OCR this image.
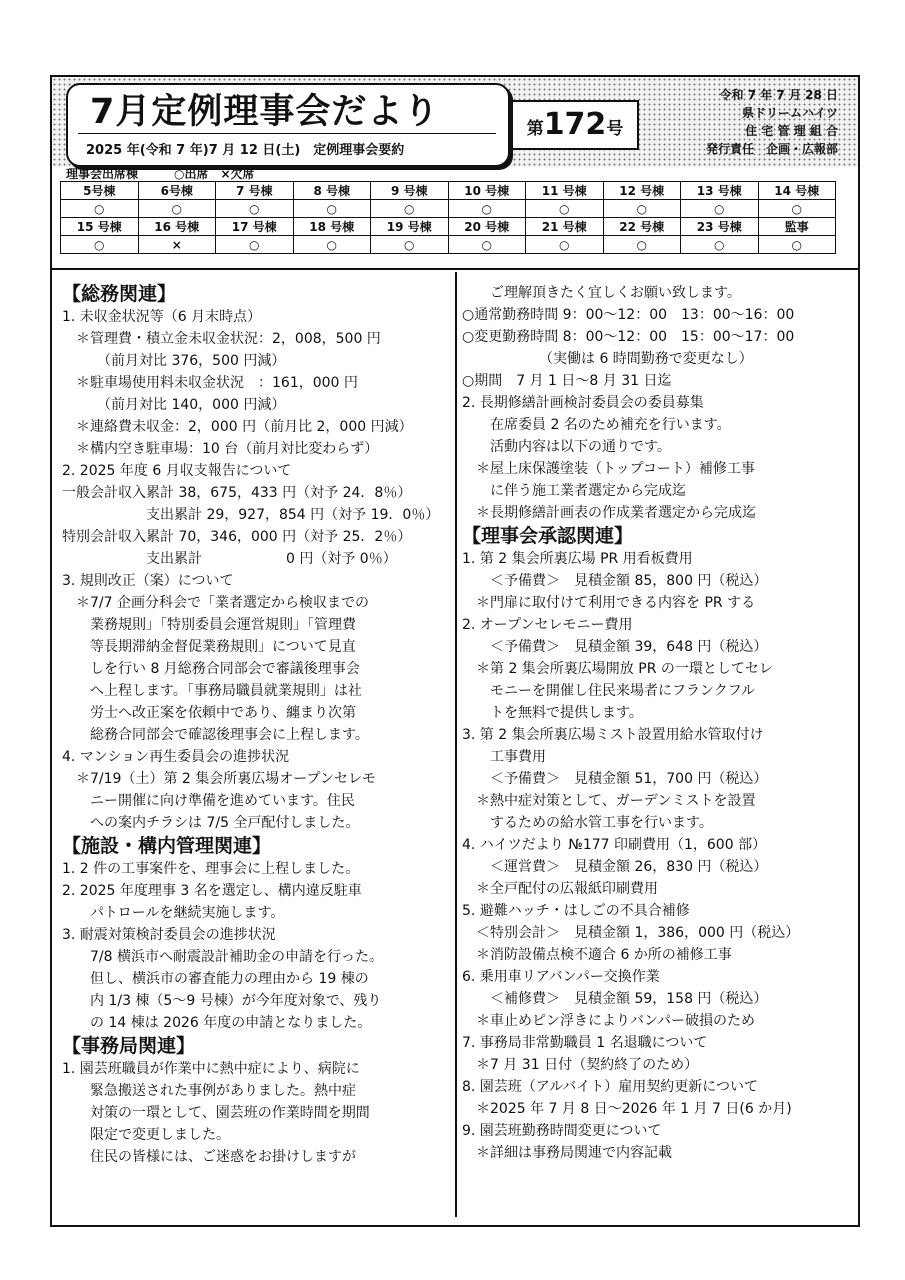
7月定例理事会だより
2025 年(令和 7 年)7 月 12 日(土)　定例理事会要約
第172号
令和 7 年 7 月 28 日
県ドリームハイツ
住 宅 管 理 組 合
発行責任　企画・広報部
理事会出席棟　　　○出席　×欠席
5号棟	6号棟	7 号棟	8 号棟	9 号棟	10 号棟	11 号棟	12 号棟	13 号棟	14 号棟
○	○	○	○	○	○	○	○	○	○
15 号棟	16 号棟	17 号棟	18 号棟	19 号棟	20 号棟	21 号棟	22 号棟	23 号棟	監事
○	×	○	○	○	○	○	○	○	○
【総務関連】
1. 未収金状況等（6 月末時点）
　＊管理費・積立金未収金状況：2，008，500 円
　　　（前月対比 376，500 円減）
　＊駐車場使用料未収金状況　：161，000 円
　　　（前月対比 140，000 円減）
　＊連絡費未収金：2，000 円（前月比 2，000 円減）
　＊構内空き駐車場：10 台（前月対比変わらず）
2. 2025 年度 6 月収支報告について
一般会計収入累計 38，675，433 円（対予 24．8％）
　　　　　　支出累計 29，927，854 円（対予 19．0％）
特別会計収入累計 70，346，000 円（対予 25．2％）
　　　　　　支出累計　　　　　　0 円（対予 0％）
3. 規則改正（案）について
　＊7/7 企画分科会で「業者選定から検収までの
　　業務規則」「特別委員会運営規則」「管理費
　　等長期滞納金督促業務規則」について見直
　　しを行い 8 月総務合同部会で審議後理事会
　　へ上程します。「事務局職員就業規則」は社
　　労士へ改正案を依頼中であり、纏まり次第
　　総務合同部会で確認後理事会に上程します。
4. マンション再生委員会の進捗状況
　＊7/19（土）第 2 集会所裏広場オープンセレモ
　　ニー開催に向け準備を進めています。住民
　　への案内チラシは 7/5 全戸配付しました。
【施設・構内管理関連】
1. 2 件の工事案件を、理事会に上程しました。
2. 2025 年度理事 3 名を選定し、構内違反駐車
　　パトロールを継続実施します。
3. 耐震対策検討委員会の進捗状況
　　7/8 横浜市へ耐震設計補助金の申請を行った。
　　但し、横浜市の審査能力の理由から 19 棟の
　　内 1/3 棟（5～9 号棟）が今年度対象で、残り
　　の 14 棟は 2026 年度の申請となりました。
【事務局関連】
1. 園芸班職員が作業中に熱中症により、病院に
　　緊急搬送された事例がありました。熱中症
　　対策の一環として、園芸班の作業時間を期間
　　限定で変更しました。
　　住民の皆様には、ご迷惑をお掛けしますが
　　ご理解頂きたく宜しくお願い致します。
○通常勤務時間 9：00～12：00　13：00～16：00
○変更勤務時間 8：00～12：00　15：00～17：00
　　　　　　（実働は 6 時間勤務で変更なし）
○期間　7 月 1 日～8 月 31 日迄
2. 長期修繕計画検討委員会の委員募集
　　在席委員 2 名のため補充を行います。
　　活動内容は以下の通りです。
　＊屋上床保護塗装（トップコート）補修工事
　　に伴う施工業者選定から完成迄
　＊長期修繕計画表の作成業者選定から完成迄
【理事会承認関連】
1. 第 2 集会所裏広場 PR 用看板費用
　　＜予備費＞　見積金額 85，800 円（税込）
　＊門扉に取付けて利用できる内容を PR する
2. オープンセレモニー費用
　　＜予備費＞　見積金額 39，648 円（税込）
　＊第 2 集会所裏広場開放 PR の一環としてセレ
　　モニーを開催し住民来場者にフランクフル
　　トを無料で提供します。
3. 第 2 集会所裏広場ミスト設置用給水管取付け
　　工事費用
　　＜予備費＞　見積金額 51，700 円（税込）
　＊熱中症対策として、ガーデンミストを設置
　　するための給水管工事を行います。
4. ハイツだより №177 印刷費用（1，600 部）
　　＜運営費＞　見積金額 26，830 円（税込）
　＊全戸配付の広報紙印刷費用
5. 避難ハッチ・はしごの不具合補修
　＜特別会計＞　見積金額 1，386，000 円（税込）
　＊消防設備点検不適合 6 か所の補修工事
6. 乗用車リアバンパー交換作業
　　＜補修費＞　見積金額 59，158 円（税込）
　＊車止めピン浮きによりバンパー破損のため
7. 事務局非常勤職員 1 名退職について
　＊7 月 31 日付（契約終了のため）
8. 園芸班（アルバイト）雇用契約更新について
　＊2025 年 7 月 8 日～2026 年 1 月 7 日(6 か月)
9. 園芸班勤務時間変更について
　＊詳細は事務局関連で内容記載
